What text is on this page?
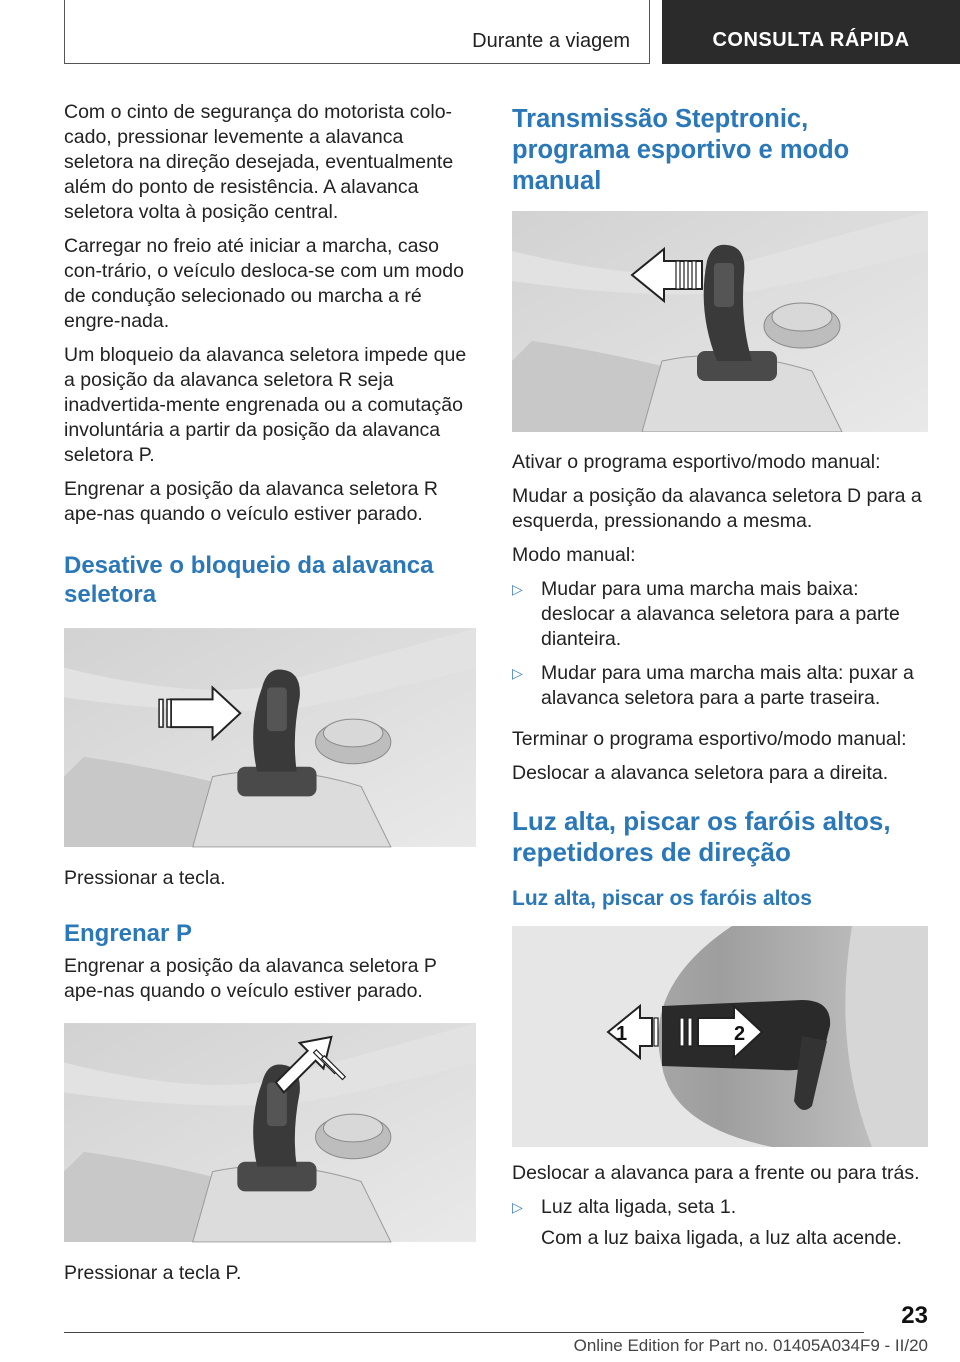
Durante a viagem	CONSULTA RÁPIDA

Com o cinto de segurança do motorista colo-cado, pressionar levemente a alavanca seletora na direção desejada, eventualmente além do ponto de resistência. A alavanca seletora volta à posição central.

Carregar no freio até iniciar a marcha, caso con-trário, o veículo desloca-se com um modo de condução selecionado ou marcha a ré engre-nada.

Um bloqueio da alavanca seletora impede que a posição da alavanca seletora R seja inadvertida-mente engrenada ou a comutação involuntária a partir da posição da alavanca seletora P.

Engrenar a posição da alavanca seletora R ape-nas quando o veículo estiver parado.

Desative o bloqueio da alavanca seletora

Pressionar a tecla.

Engrenar P

Engrenar a posição da alavanca seletora P ape-nas quando o veículo estiver parado.

Pressionar a tecla P.

Transmissão Steptronic, programa esportivo e modo manual

Ativar o programa esportivo/modo manual:

Mudar a posição da alavanca seletora D para a esquerda, pressionando a mesma.

Modo manual:

▷ Mudar para uma marcha mais baixa: deslocar a alavanca seletora para a parte dianteira.
▷ Mudar para uma marcha mais alta: puxar a alavanca seletora para a parte traseira.

Terminar o programa esportivo/modo manual:

Deslocar a alavanca seletora para a direita.

Luz alta, piscar os faróis altos, repetidores de direção
Luz alta, piscar os faróis altos
2
1

Deslocar a alavanca para a frente ou para trás.

▷ Luz alta ligada, seta 1.

Com a luz baixa ligada, a luz alta acende.

23
Online Edition for Part no. 01405A034F9 - II/20
